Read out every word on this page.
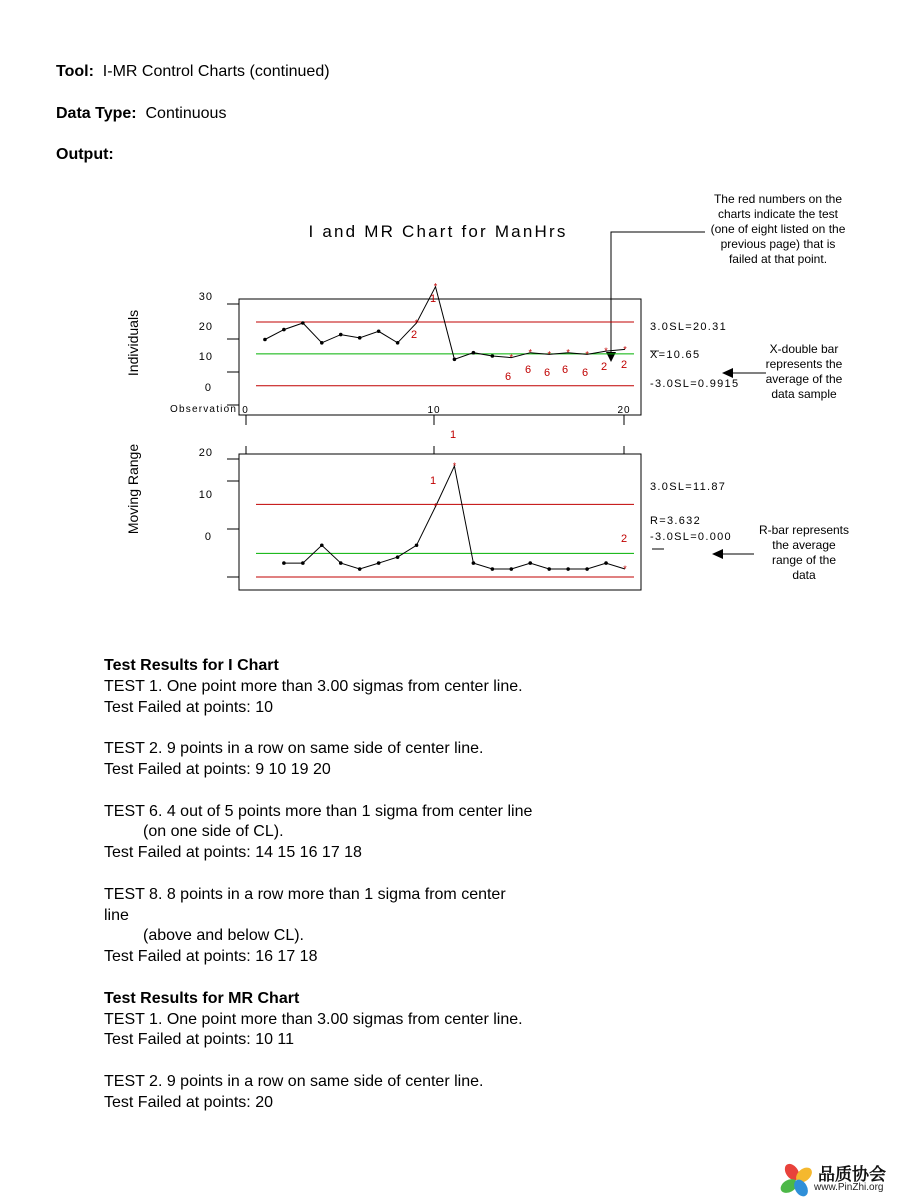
Tool: I-MR Control Charts (continued)
Data Type: Continuous
Output:
I and MR Chart for ManHrs
30
20
10
0
Individuals
Observation 0	10	20
3.0SL=20.31
X=10.65
-3.0SL=0.9915
20
10
0
Moving Range	3.0SL=11.87
R=3.632
-3.0SL=0.000
*
*
* * * * * * *
2
1
6
6 6 6 6 2 2
*
*
*
1
1
2
The red numbers on the
charts indicate the test
(one of eight listed on the
previous page) that is
failed at that point.
X-double bar
represents the
average of the
data sample
R-bar represents
the average
range of the
data
Test Results for I Chart
TEST 1. One point more than 3.00 sigmas from center line.
Test Failed at points: 10
TEST 2. 9 points in a row on same side of center line.
Test Failed at points: 9 10 19 20
TEST 6. 4 out of 5 points more than 1 sigma from center line
(on one side of CL).
Test Failed at points: 14 15 16 17 18
TEST 8. 8 points in a row more than 1 sigma from center
line
(above and below CL).
Test Failed at points: 16 17 18
Test Results for MR Chart
TEST 1. One point more than 3.00 sigmas from center line.
Test Failed at points: 10 11
TEST 2. 9 points in a row on same side of center line.
Test Failed at points: 20
品质协会
www.PinZhi.org
